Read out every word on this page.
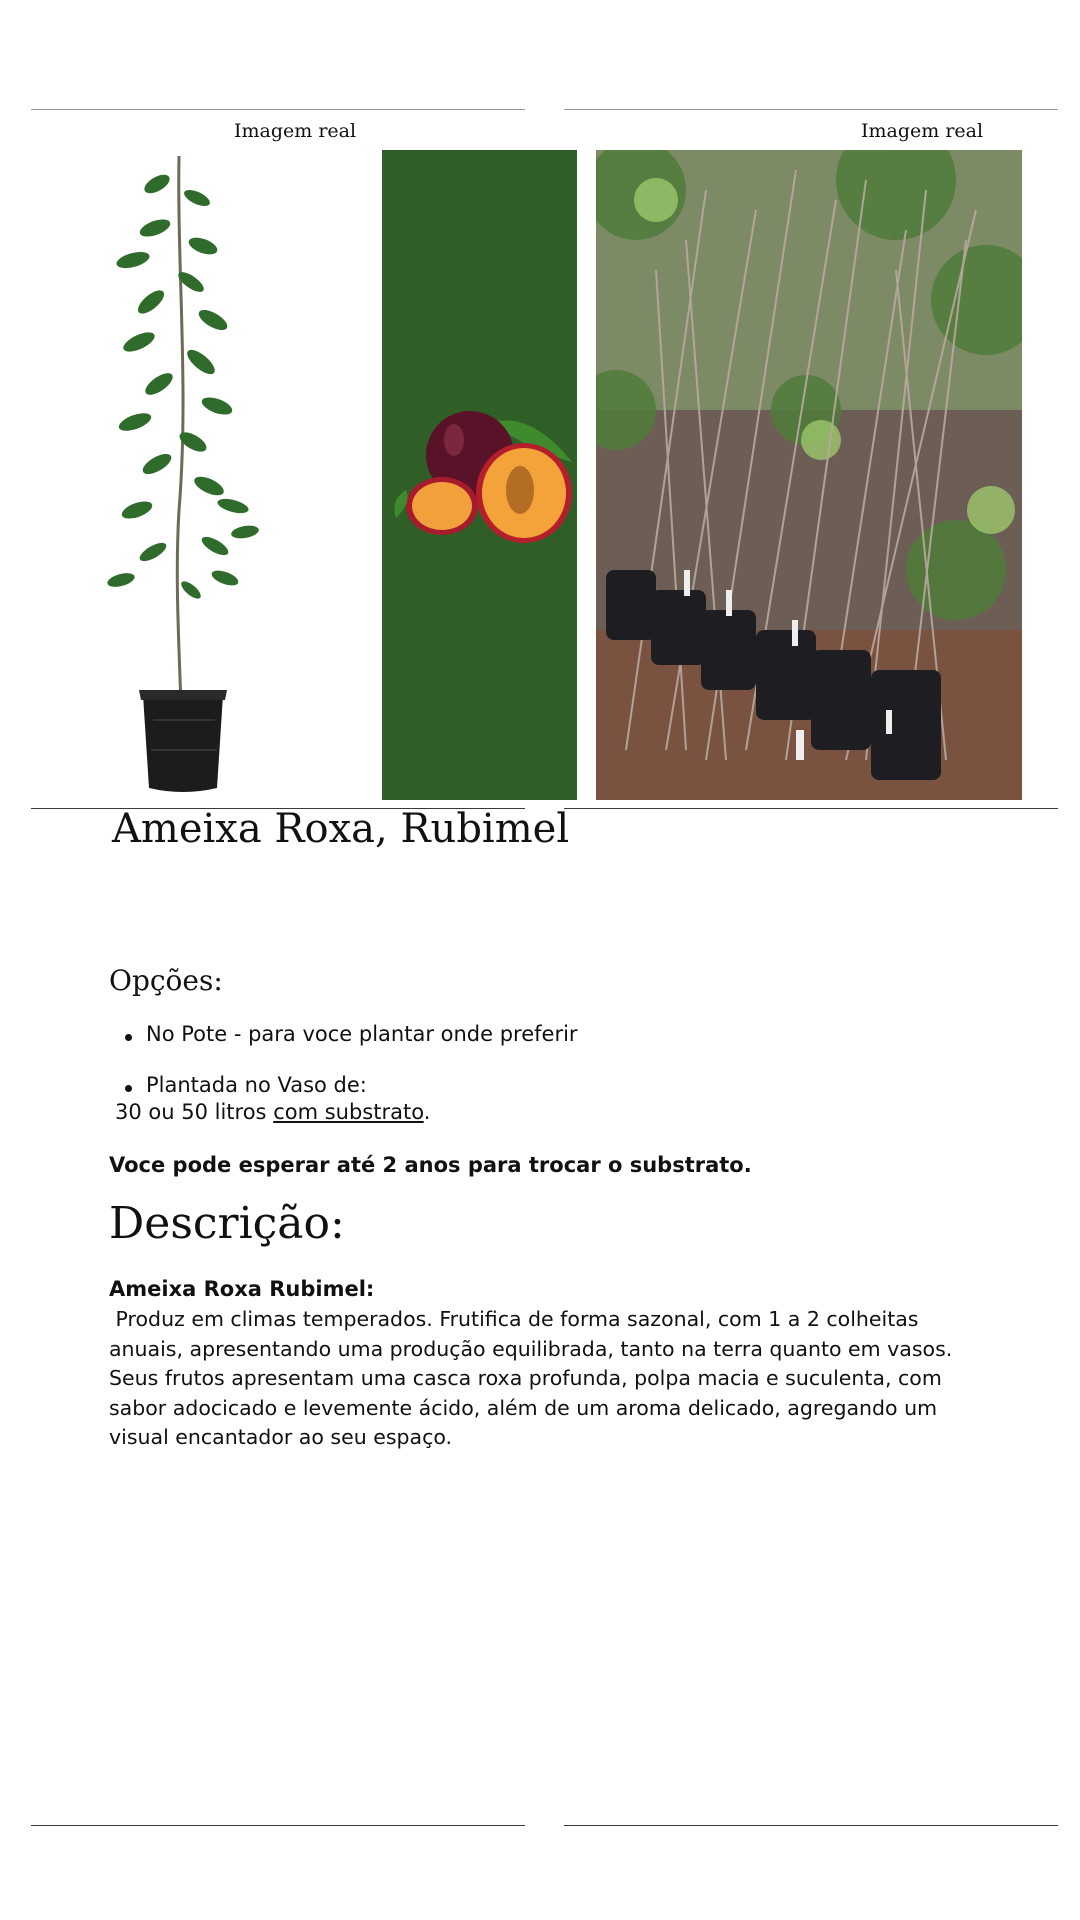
Imagem real	Imagem real
Ameixa Roxa, Rubimel
Opções:
No Pote - para voce plantar onde preferir
Plantada no Vaso de:
30 ou 50 litros com substrato.
Voce pode esperar até 2 anos para trocar o substrato.
Descrição:
Ameixa Roxa Rubimel:

Produz em climas temperados. Frutifica de forma sazonal, com 1 a 2 colheitas anuais, apresentando uma produção equilibrada, tanto na terra quanto em vasos. Seus frutos apresentam uma casca roxa profunda, polpa macia e suculenta, com sabor adocicado e levemente ácido, além de um aroma delicado, agregando um visual encantador ao seu espaço.
